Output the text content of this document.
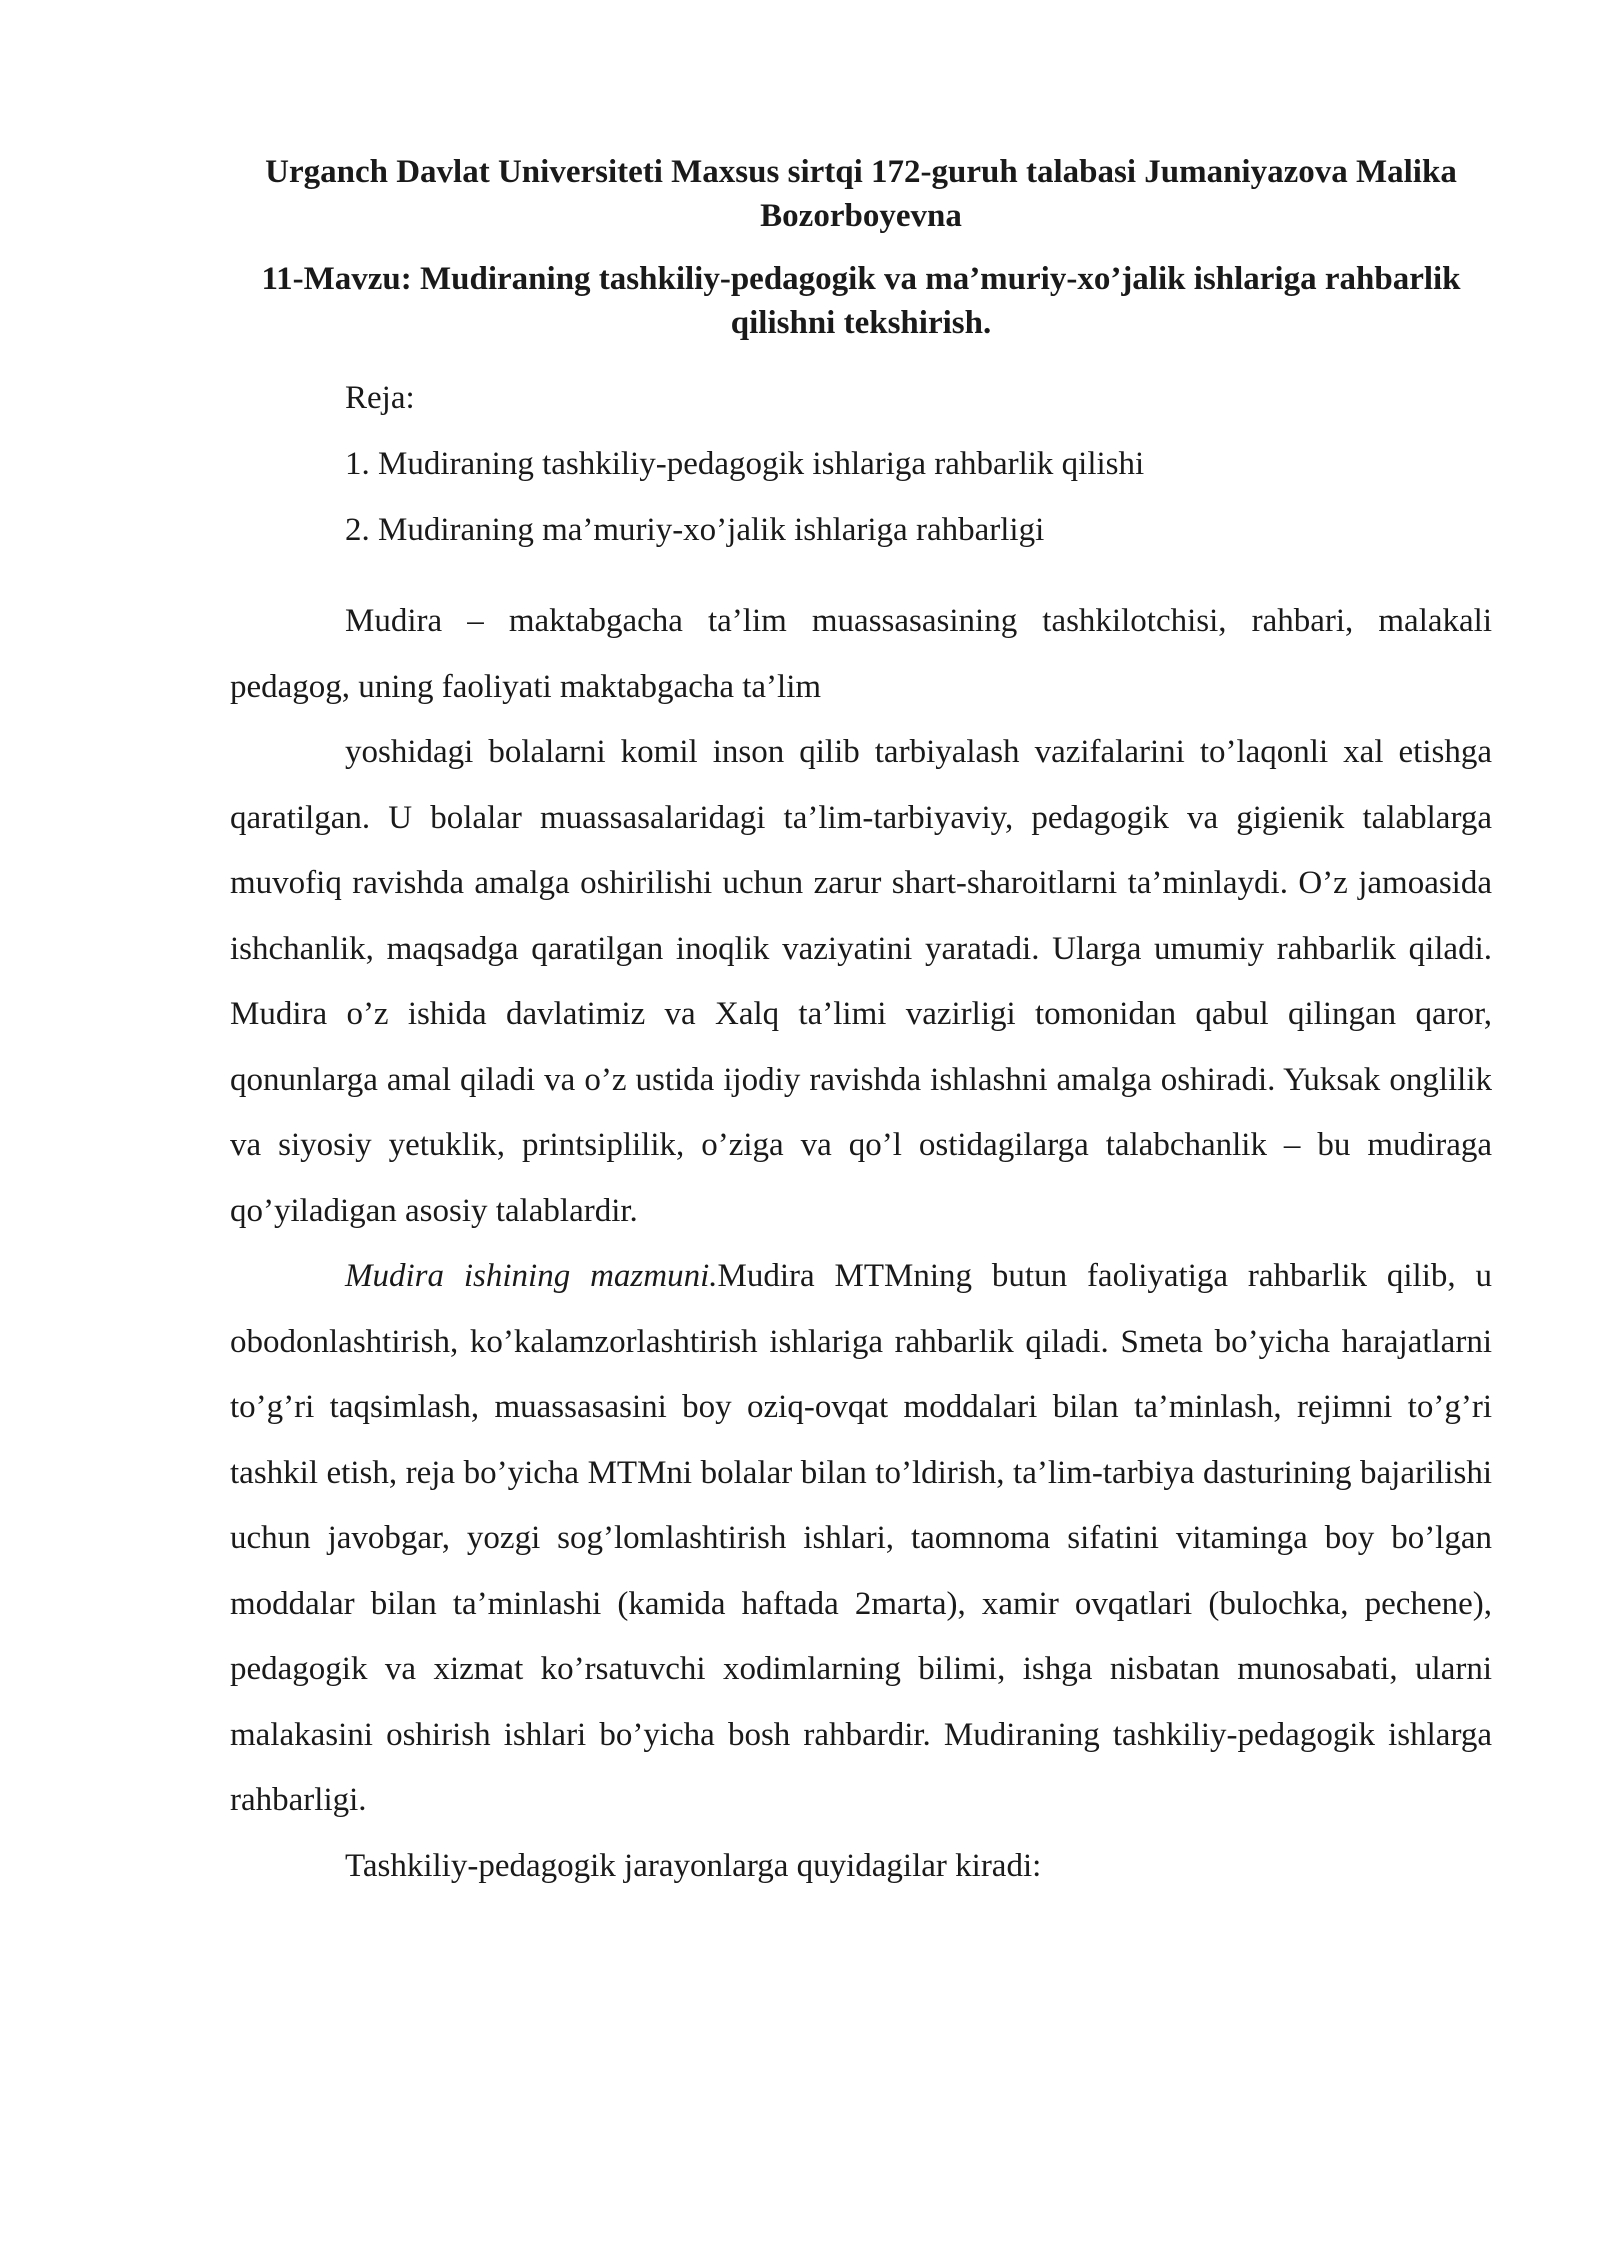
Urganch Davlat Universiteti Maxsus sirtqi 172-guruh talabasi Jumaniyazova Malika Bozorboyevna
11-Mavzu: Mudiraning tashkiliy-pedagogik va ma’muriy-xo’jalik ishlariga rahbarlik qilishni tekshirish.
Reja:
1. Mudiraning tashkiliy-pedagogik ishlariga rahbarlik qilishi
2. Mudiraning ma’muriy-xo’jalik ishlariga rahbarligi

Mudira – maktabgacha ta’lim muassasasining tashkilotchisi, rahbari, malakali pedagog, uning faoliyati maktabgacha ta’lim

yoshidagi bolalarni komil inson qilib tarbiyalash vazifalarini to’laqonli xal etishga qaratilgan. U bolalar muassasalaridagi ta’lim-tarbiyaviy, pedagogik va gigienik talablarga muvofiq ravishda amalga oshirilishi uchun zarur shart-sharoitlarni ta’minlaydi. O’z jamoasida ishchanlik, maqsadga qaratilgan inoqlik vaziyatini yaratadi. Ularga umumiy rahbarlik qiladi. Mudira o’z ishida davlatimiz va Xalq ta’limi vazirligi tomonidan qabul qilingan qaror, qonunlarga amal qiladi va o’z ustida ijodiy ravishda ishlashni amalga oshiradi. Yuksak onglilik va siyosiy yetuklik, printsiplilik, o’ziga va qo’l ostidagilarga talabchanlik – bu mudiraga qo’yiladigan asosiy talablardir.

Mudira ishining mazmuni.Mudira MTMning butun faoliyatiga rahbarlik qilib, u obodonlashtirish, ko’kalamzorlashtirish ishlariga rahbarlik qiladi. Smeta bo’yicha harajatlarni to’g’ri taqsimlash, muassasasini boy oziq-ovqat moddalari bilan ta’minlash, rejimni to’g’ri tashkil etish, reja bo’yicha MTMni bolalar bilan to’ldirish, ta’lim-tarbiya dasturining bajarilishi uchun javobgar, yozgi sog’lomlashtirish ishlari, taomnoma sifatini vitaminga boy bo’lgan moddalar bilan ta’minlashi (kamida haftada 2marta), xamir ovqatlari (bulochka, pechene), pedagogik va xizmat ko’rsatuvchi xodimlarning bilimi, ishga nisbatan munosabati, ularni malakasini oshirish ishlari bo’yicha bosh rahbardir. Mudiraning tashkiliy-pedagogik ishlarga rahbarligi.

Tashkiliy-pedagogik jarayonlarga quyidagilar kiradi:
